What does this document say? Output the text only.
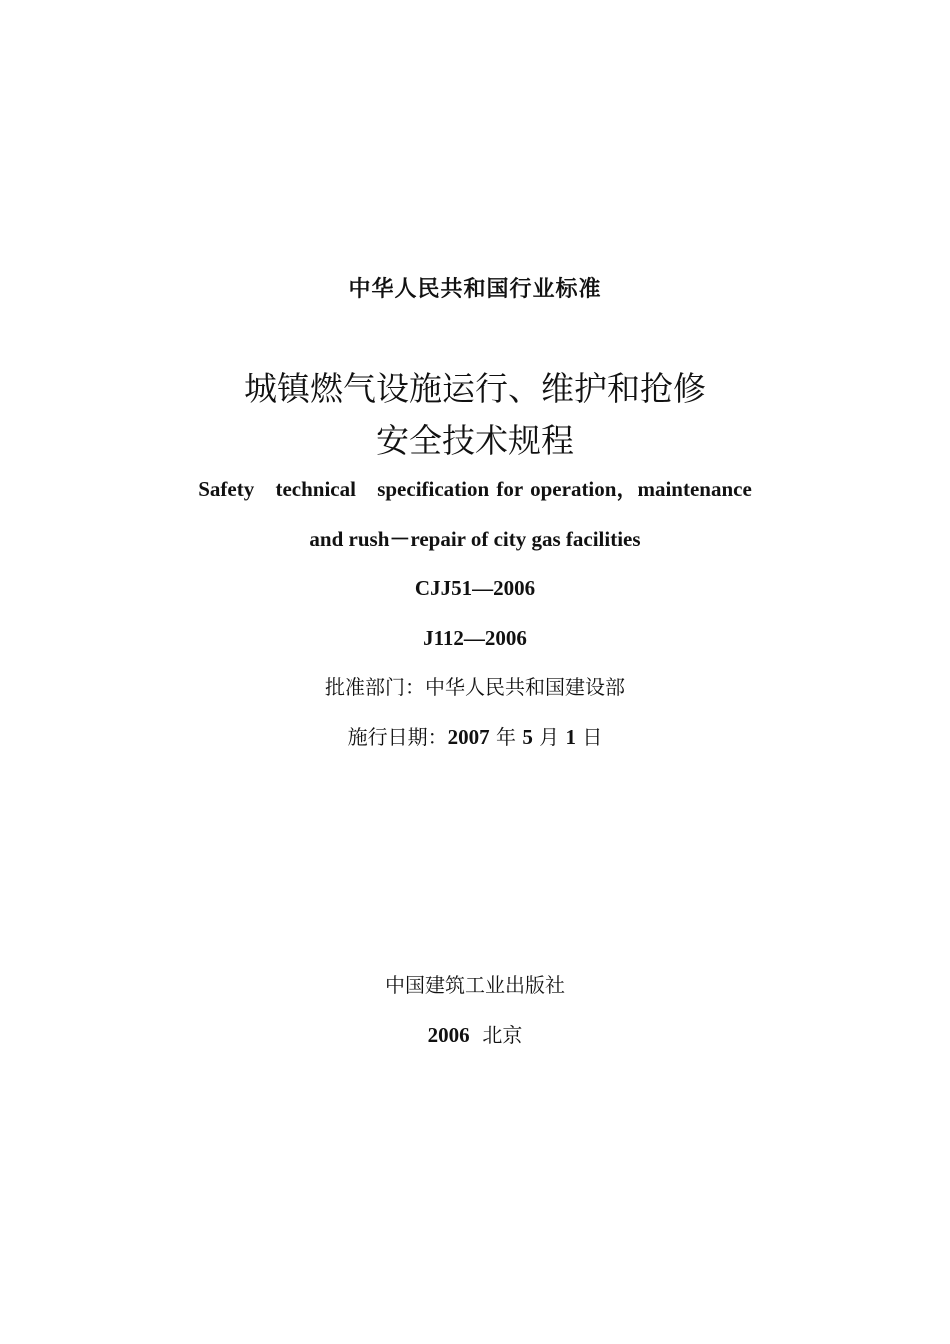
中华人民共和国行业标准
城镇燃气设施运行、维护和抢修
安全技术规程
Safety technical specification for operation，maintenance
and rush－repair of city gas facilities
CJJ51—2006
J112—2006
批准部门：中华人民共和国建设部
施行日期：2007 年 5 月 1 日
中国建筑工业出版社
2006 北京
